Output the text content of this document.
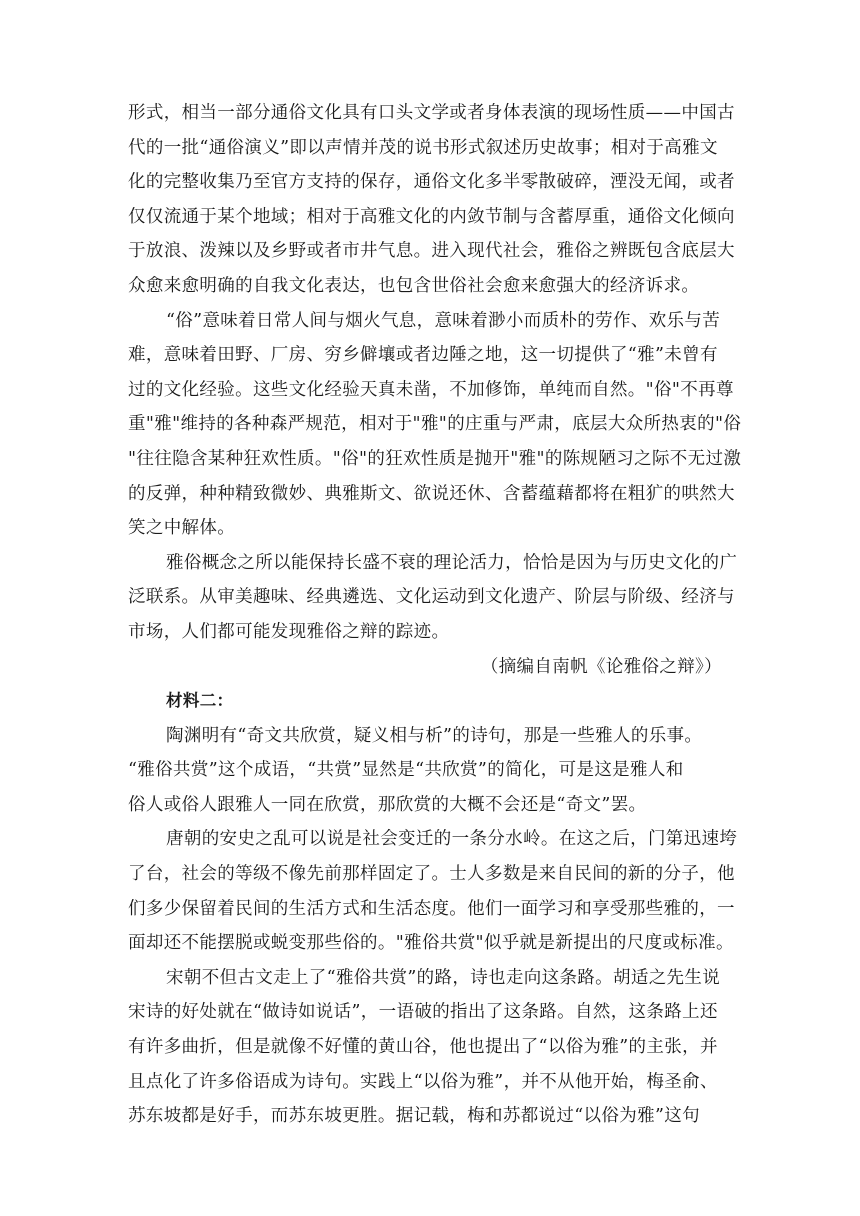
形式，相当一部分通俗文化具有口头文学或者身体表演的现场性质——中国古
代的一批“通俗演义”即以声情并茂的说书形式叙述历史故事；相对于高雅文
化的完整收集乃至官方支持的保存，通俗文化多半零散破碎，湮没无闻，或者
仅仅流通于某个地域；相对于高雅文化的内敛节制与含蓄厚重，通俗文化倾向
于放浪、泼辣以及乡野或者市井气息。进入现代社会，雅俗之辨既包含底层大
众愈来愈明确的自我文化表达，也包含世俗社会愈来愈强大的经济诉求。
“俗”意味着日常人间与烟火气息，意味着渺小而质朴的劳作、欢乐与苦
难，意味着田野、厂房、穷乡僻壤或者边陲之地，这一切提供了“雅”未曾有
过的文化经验。这些文化经验天真未凿，不加修饰，单纯而自然。"俗"不再尊
重"雅"维持的各种森严规范，相对于"雅"的庄重与严肃，底层大众所热衷的"俗
"往往隐含某种狂欢性质。"俗"的狂欢性质是抛开"雅"的陈规陋习之际不无过激
的反弹，种种精致微妙、典雅斯文、欲说还休、含蓄蕴藉都将在粗犷的哄然大
笑之中解体。
雅俗概念之所以能保持长盛不衰的理论活力，恰恰是因为与历史文化的广
泛联系。从审美趣味、经典遴选、文化运动到文化遗产、阶层与阶级、经济与
市场，人们都可能发现雅俗之辩的踪迹。
（摘编自南帆《论雅俗之辩》）
材料二：
陶渊明有“奇文共欣赏，疑义相与析”的诗句，那是一些雅人的乐事。
“雅俗共赏”这个成语，“共赏”显然是“共欣赏”的简化，可是这是雅人和
俗人或俗人跟雅人一同在欣赏，那欣赏的大概不会还是“奇文”罢。
唐朝的安史之乱可以说是社会变迁的一条分水岭。在这之后，门第迅速垮
了台，社会的等级不像先前那样固定了。士人多数是来自民间的新的分子，他
们多少保留着民间的生活方式和生活态度。他们一面学习和享受那些雅的，一
面却还不能摆脱或蜕变那些俗的。"雅俗共赏"似乎就是新提出的尺度或标准。
宋朝不但古文走上了“雅俗共赏”的路，诗也走向这条路。胡适之先生说
宋诗的好处就在“做诗如说话”，一语破的指出了这条路。自然，这条路上还
有许多曲折，但是就像不好懂的黄山谷，他也提出了“以俗为雅”的主张，并
且点化了许多俗语成为诗句。实践上“以俗为雅”，并不从他开始，梅圣俞、
苏东坡都是好手，而苏东坡更胜。据记载，梅和苏都说过“以俗为雅”这句
